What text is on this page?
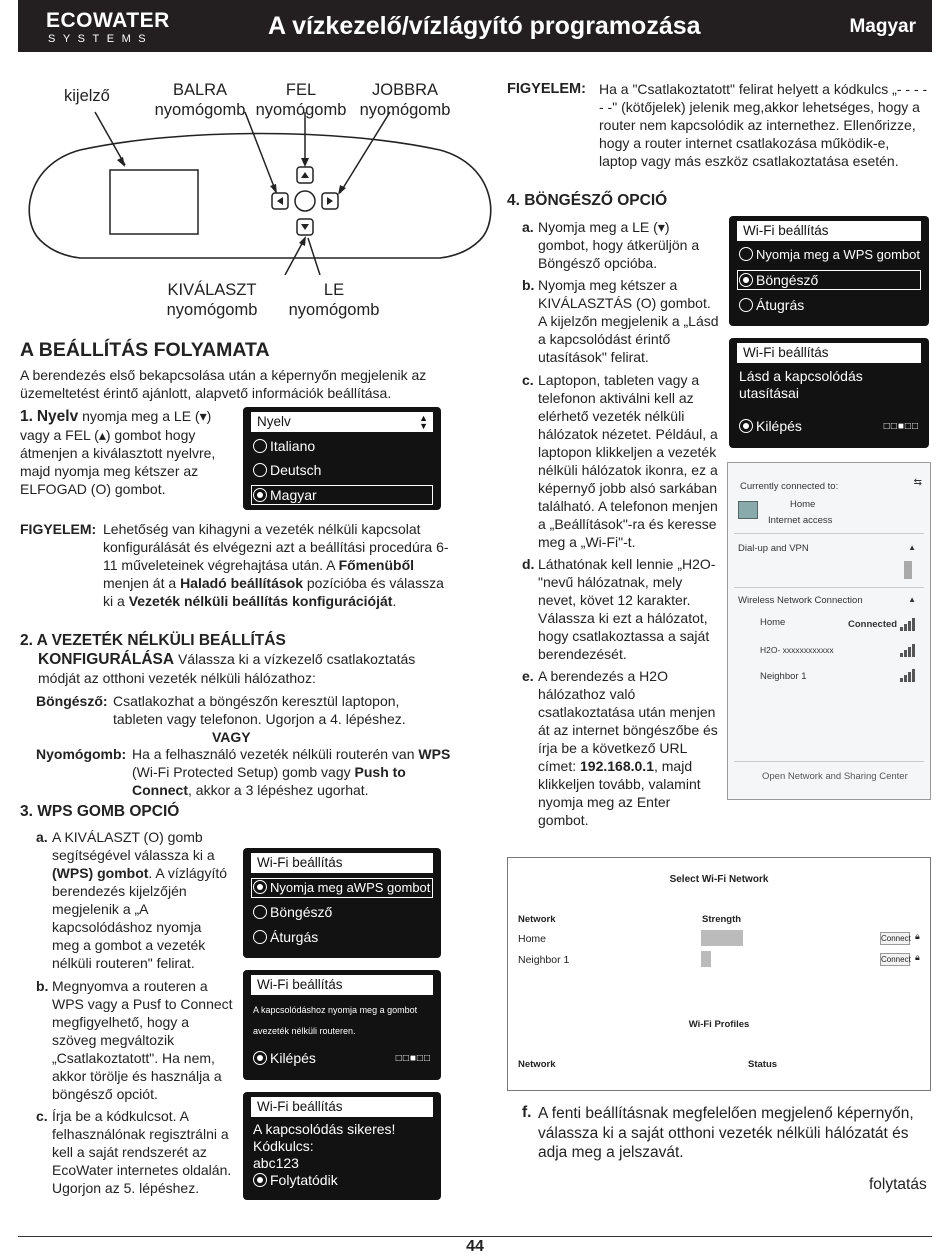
ECOWATER
SYSTEMS	A vízkezelő/vízlágyító programozása	Magyar
kijelző	BALRA
nyomógomb
FEL
nyomógomb
JOBBRA
nyomógomb
KIVÁLASZT
nyomógomb
LE
nyomógomb
A BEÁLLÍTÁS FOLYAMATA
A berendezés első bekapcsolása után a képernyőn megjelenik az üzemeltetést érintő ajánlott, alapvető információk beállítása.
1. Nyelv nyomja meg a LE (▾) vagy a FEL (▴) gombot hogy átmenjen a kiválasztott nyelvre, majd nyomja meg kétszer az ELFOGAD (O) gombot.
Nyelv	▲
▼
Italiano
Deutsch
Magyar
FIGYELEM: Lehetőség van kihagyni a vezeték nélküli kapcsolat konfigurálását és elvégezni azt a beállítási procedúra 6-11 műveleteinek végrehajtása után. A Főmenüből menjen át a Haladó beállítások pozícióba és válassza ki a Vezeték nélküli beállítás konfigurációját.
2. A VEZETÉK NÉLKÜLI BEÁLLÍTÁS
KONFIGURÁLÁSA Válassza ki a vízkezelő csatlakoztatás módját az otthoni vezeték nélküli hálózathoz:
Böngésző: Csatlakozhat a böngészőn keresztül laptopon, tableten vagy telefonon. Ugorjon a 4. lépéshez.
VAGY
Nyomógomb: Ha a felhasználó vezeték nélküli routerén van WPS (Wi-Fi Protected Setup) gomb vagy Push to Connect, akkor a 3 lépéshez ugorhat.
3. WPS GOMB OPCIÓ
a. A KIVÁLASZT (O) gomb segítségével válassza ki a (WPS) gombot. A vízlágyító berendezés kijelzőjén megjelenik a „A kapcsolódáshoz nyomja meg a gombot a vezeték nélküli routeren" felirat.
b. Megnyomva a routeren a WPS vagy a Pusf to Connect megfigyelhető, hogy a szöveg megváltozik „Csatlakoztatott". Ha nem, akkor törölje és használja a böngésző opciót.
c. Írja be a kódkulcsot. A felhasználónak regisztrálni a kell a saját rendszerét az EcoWater internetes oldalán. Ugorjon az 5. lépéshez.
Wi-Fi beállítás
Nyomja meg aWPS gombot
Böngésző
Áturgás
Wi-Fi beállítás
A kapcsolódáshoz nyomja meg a gombot avezeték nélküli routeren.
Kilépés	□□■□□
Wi-Fi beállítás
A kapcsolódás sikeres!
Kódkulcs:
abc123
Folytatódik
FIGYELEM: Ha a "Csatlakoztatott" felirat helyett a kódkulcs „- - - - - -" (kötőjelek) jelenik meg,akkor lehetséges, hogy a router nem kapcsolódik az internethez. Ellenőrizze, hogy a router internet csatlakozása működik-e, laptop vagy más eszköz csatlakoztatása esetén.
4. BÖNGÉSZŐ OPCIÓ
a. Nyomja meg a LE (▾) gombot, hogy átkerüljön a Böngésző opcióba.
b. Nyomja meg kétszer a KIVÁLASZTÁS (O) gombot. A kijelzőn megjelenik a „Lásd a kapcsolódást érintő utasítások" felirat.
c. Laptopon, tableten vagy a telefonon aktiválni kell az elérhető vezeték nélküli hálózatok nézetet. Például, a laptopon klikkeljen a vezeték nélküli hálózatok ikonra, ez a képernyő jobb alsó sarkában található. A telefonon menjen a „Beállítások"-ra és keresse meg a „Wi-Fi"-t.
d. Láthatónak kell lennie „H2O-"nevű hálózatnak, mely nevet, követ 12 karakter. Válassza ki ezt a hálózatot, hogy csatlakoztassa a saját berendezését.
e. A berendezés a H2O hálózathoz való csatlakoztatása után menjen át az internet böngészőbe és írja be a következő URL címet: 192.168.0.1, majd klikkeljen tovább, valamint nyomja meg az Enter gombot.
Wi-Fi beállítás
Nyomja meg a WPS gombot
Böngésző
Átugrás
Wi-Fi beállítás
Lásd a kapcsolódás
utasításai
Kilépés	□□■□□
Currently connected to:	⇆
Home
Internet access
Dial-up and VPN	▲
Wireless Network Connection	▲
Home	Connected
H2O- xxxxxxxxxxxx
Neighbor 1
Open Network and Sharing Center
Select Wi-Fi Network
Network	Strength
Home	Connect 🔒︎
Neighbor 1	Connect 🔒︎
Wi-Fi Profiles
Network	Status
f. A fenti beállításnak megfelelően megjelenő képernyőn, válassza ki a saját otthoni vezeték nélküli hálózatát és adja meg a jelszavát.
folytatás
44
